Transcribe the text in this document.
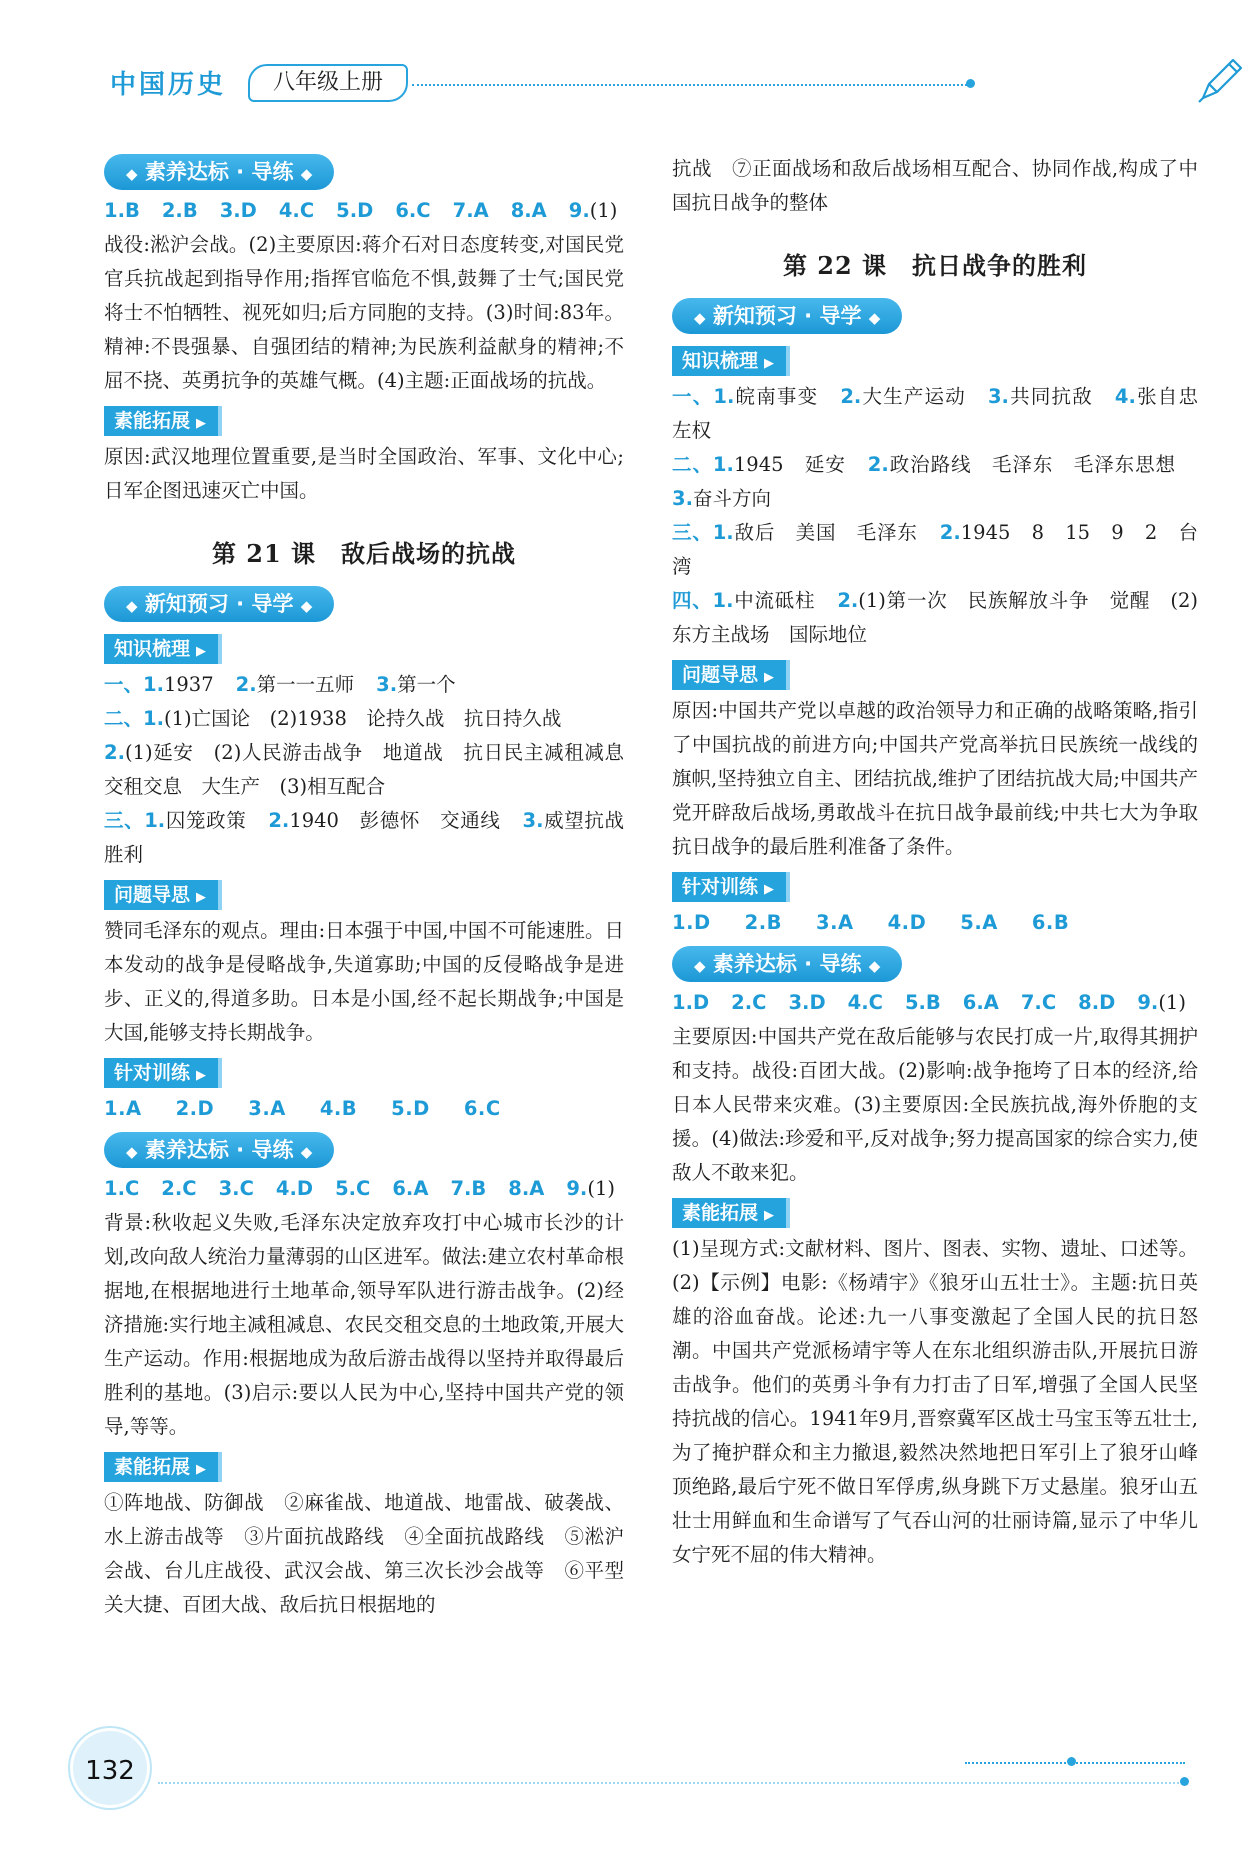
中国历史	八年级上册
◆ 素养达标 · 导练 ◆
1.B 2.B 3.D 4.C 5.D 6.C 7.A 8.A 9.(1)战役:淞沪会战。(2)主要原因:蒋介石对日态度转变,对国民党官兵抗战起到指导作用;指挥官临危不惧,鼓舞了士气;国民党将士不怕牺牲、视死如归;后方同胞的支持。(3)时间:83年。精神:不畏强暴、自强团结的精神;为民族利益献身的精神;不屈不挠、英勇抗争的英雄气概。(4)主题:正面战场的抗战。
素能拓展 ▶
原因:武汉地理位置重要,是当时全国政治、军事、文化中心;日军企图迅速灭亡中国。
第 21 课　敌后战场的抗战
◆ 新知预习 · 导学 ◆
知识梳理 ▶
一、1.1937 2.第一一五师 3.第一个
二、1.(1)亡国论　(2)1938　论持久战　抗日持久战
2.(1)延安　(2)人民游击战争　地道战　抗日民主减租减息　交租交息　大生产　(3)相互配合
三、1.囚笼政策 2.1940　彭德怀　交通线 3.威望抗战胜利
问题导思 ▶
赞同毛泽东的观点。理由:日本强于中国,中国不可能速胜。日本发动的战争是侵略战争,失道寡助;中国的反侵略战争是进步、正义的,得道多助。日本是小国,经不起长期战争;中国是大国,能够支持长期战争。
针对训练 ▶
1.A 2.D 3.A 4.B 5.D 6.C
◆ 素养达标 · 导练 ◆
1.C 2.C 3.C 4.D 5.C 6.A 7.B 8.A 9.(1)背景:秋收起义失败,毛泽东决定放弃攻打中心城市长沙的计划,改向敌人统治力量薄弱的山区进军。做法:建立农村革命根据地,在根据地进行土地革命,领导军队进行游击战争。(2)经济措施:实行地主减租减息、农民交租交息的土地政策,开展大生产运动。作用:根据地成为敌后游击战得以坚持并取得最后胜利的基地。(3)启示:要以人民为中心,坚持中国共产党的领导,等等。
素能拓展 ▶
①阵地战、防御战　②麻雀战、地道战、地雷战、破袭战、水上游击战等　③片面抗战路线　④全面抗战路线　⑤淞沪会战、台儿庄战役、武汉会战、第三次长沙会战等　⑥平型关大捷、百团大战、敌后抗日根据地的
抗战　⑦正面战场和敌后战场相互配合、协同作战,构成了中国抗日战争的整体
第 22 课　抗日战争的胜利
◆ 新知预习 · 导学 ◆
知识梳理 ▶
一、1.皖南事变 2.大生产运动 3.共同抗敌 4.张自忠　左权
二、1.1945　延安 2.政治路线　毛泽东　毛泽东思想3.奋斗方向
三、1.敌后　美国　毛泽东 2.1945　8　15　9　2　台湾
四、1.中流砥柱 2.(1)第一次　民族解放斗争　觉醒　(2)东方主战场　国际地位
问题导思 ▶
原因:中国共产党以卓越的政治领导力和正确的战略策略,指引了中国抗战的前进方向;中国共产党高举抗日民族统一战线的旗帜,坚持独立自主、团结抗战,维护了团结抗战大局;中国共产党开辟敌后战场,勇敢战斗在抗日战争最前线;中共七大为争取抗日战争的最后胜利准备了条件。
针对训练 ▶
1.D 2.B 3.A 4.D 5.A 6.B
◆ 素养达标 · 导练 ◆
1.D 2.C 3.D 4.C 5.B 6.A 7.C 8.D 9.(1)主要原因:中国共产党在敌后能够与农民打成一片,取得其拥护和支持。战役:百团大战。(2)影响:战争拖垮了日本的经济,给日本人民带来灾难。(3)主要原因:全民族抗战,海外侨胞的支援。(4)做法:珍爱和平,反对战争;努力提高国家的综合实力,使敌人不敢来犯。
素能拓展 ▶
(1)呈现方式:文献材料、图片、图表、实物、遗址、口述等。(2)【示例】电影:《杨靖宇》《狼牙山五壮士》。主题:抗日英雄的浴血奋战。论述:九一八事变激起了全国人民的抗日怒潮。中国共产党派杨靖宇等人在东北组织游击队,开展抗日游击战争。他们的英勇斗争有力打击了日军,增强了全国人民坚持抗战的信心。1941年9月,晋察冀军区战士马宝玉等五壮士,为了掩护群众和主力撤退,毅然决然地把日军引上了狼牙山峰顶绝路,最后宁死不做日军俘虏,纵身跳下万丈悬崖。狼牙山五壮士用鲜血和生命谱写了气吞山河的壮丽诗篇,显示了中华儿女宁死不屈的伟大精神。
132
